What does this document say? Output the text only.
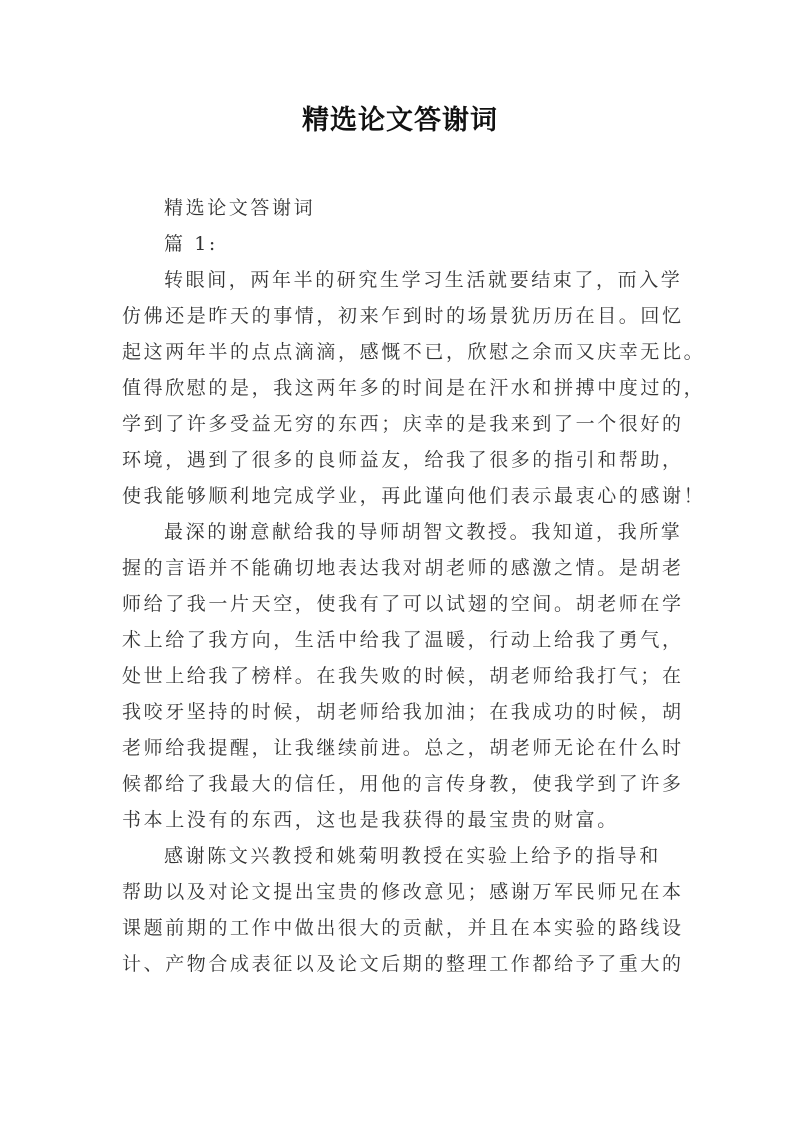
精选论文答谢词
精选论文答谢词
篇 1:
转眼间，两年半的研究生学习生活就要结束了，而入学
仿佛还是昨天的事情，初来乍到时的场景犹历历在目。回忆
起这两年半的点点滴滴，感慨不已，欣慰之余而又庆幸无比。
值得欣慰的是，我这两年多的时间是在汗水和拼搏中度过的，
学到了许多受益无穷的东西；庆幸的是我来到了一个很好的
环境，遇到了很多的良师益友，给我了很多的指引和帮助，
使我能够顺利地完成学业，再此谨向他们表示最衷心的感谢！
最深的谢意献给我的导师胡智文教授。我知道，我所掌
握的言语并不能确切地表达我对胡老师的感激之情。是胡老
师给了我一片天空，使我有了可以试翅的空间。胡老师在学
术上给了我方向，生活中给我了温暖，行动上给我了勇气，
处世上给我了榜样。在我失败的时候，胡老师给我打气；在
我咬牙坚持的时候，胡老师给我加油；在我成功的时候，胡
老师给我提醒，让我继续前进。总之，胡老师无论在什么时
候都给了我最大的信任，用他的言传身教，使我学到了许多
书本上没有的东西，这也是我获得的最宝贵的财富。
感谢陈文兴教授和姚菊明教授在实验上给予的指导和
帮助以及对论文提出宝贵的修改意见；感谢万军民师兄在本
课题前期的工作中做出很大的贡献，并且在本实验的路线设
计、产物合成表征以及论文后期的整理工作都给予了重大的
